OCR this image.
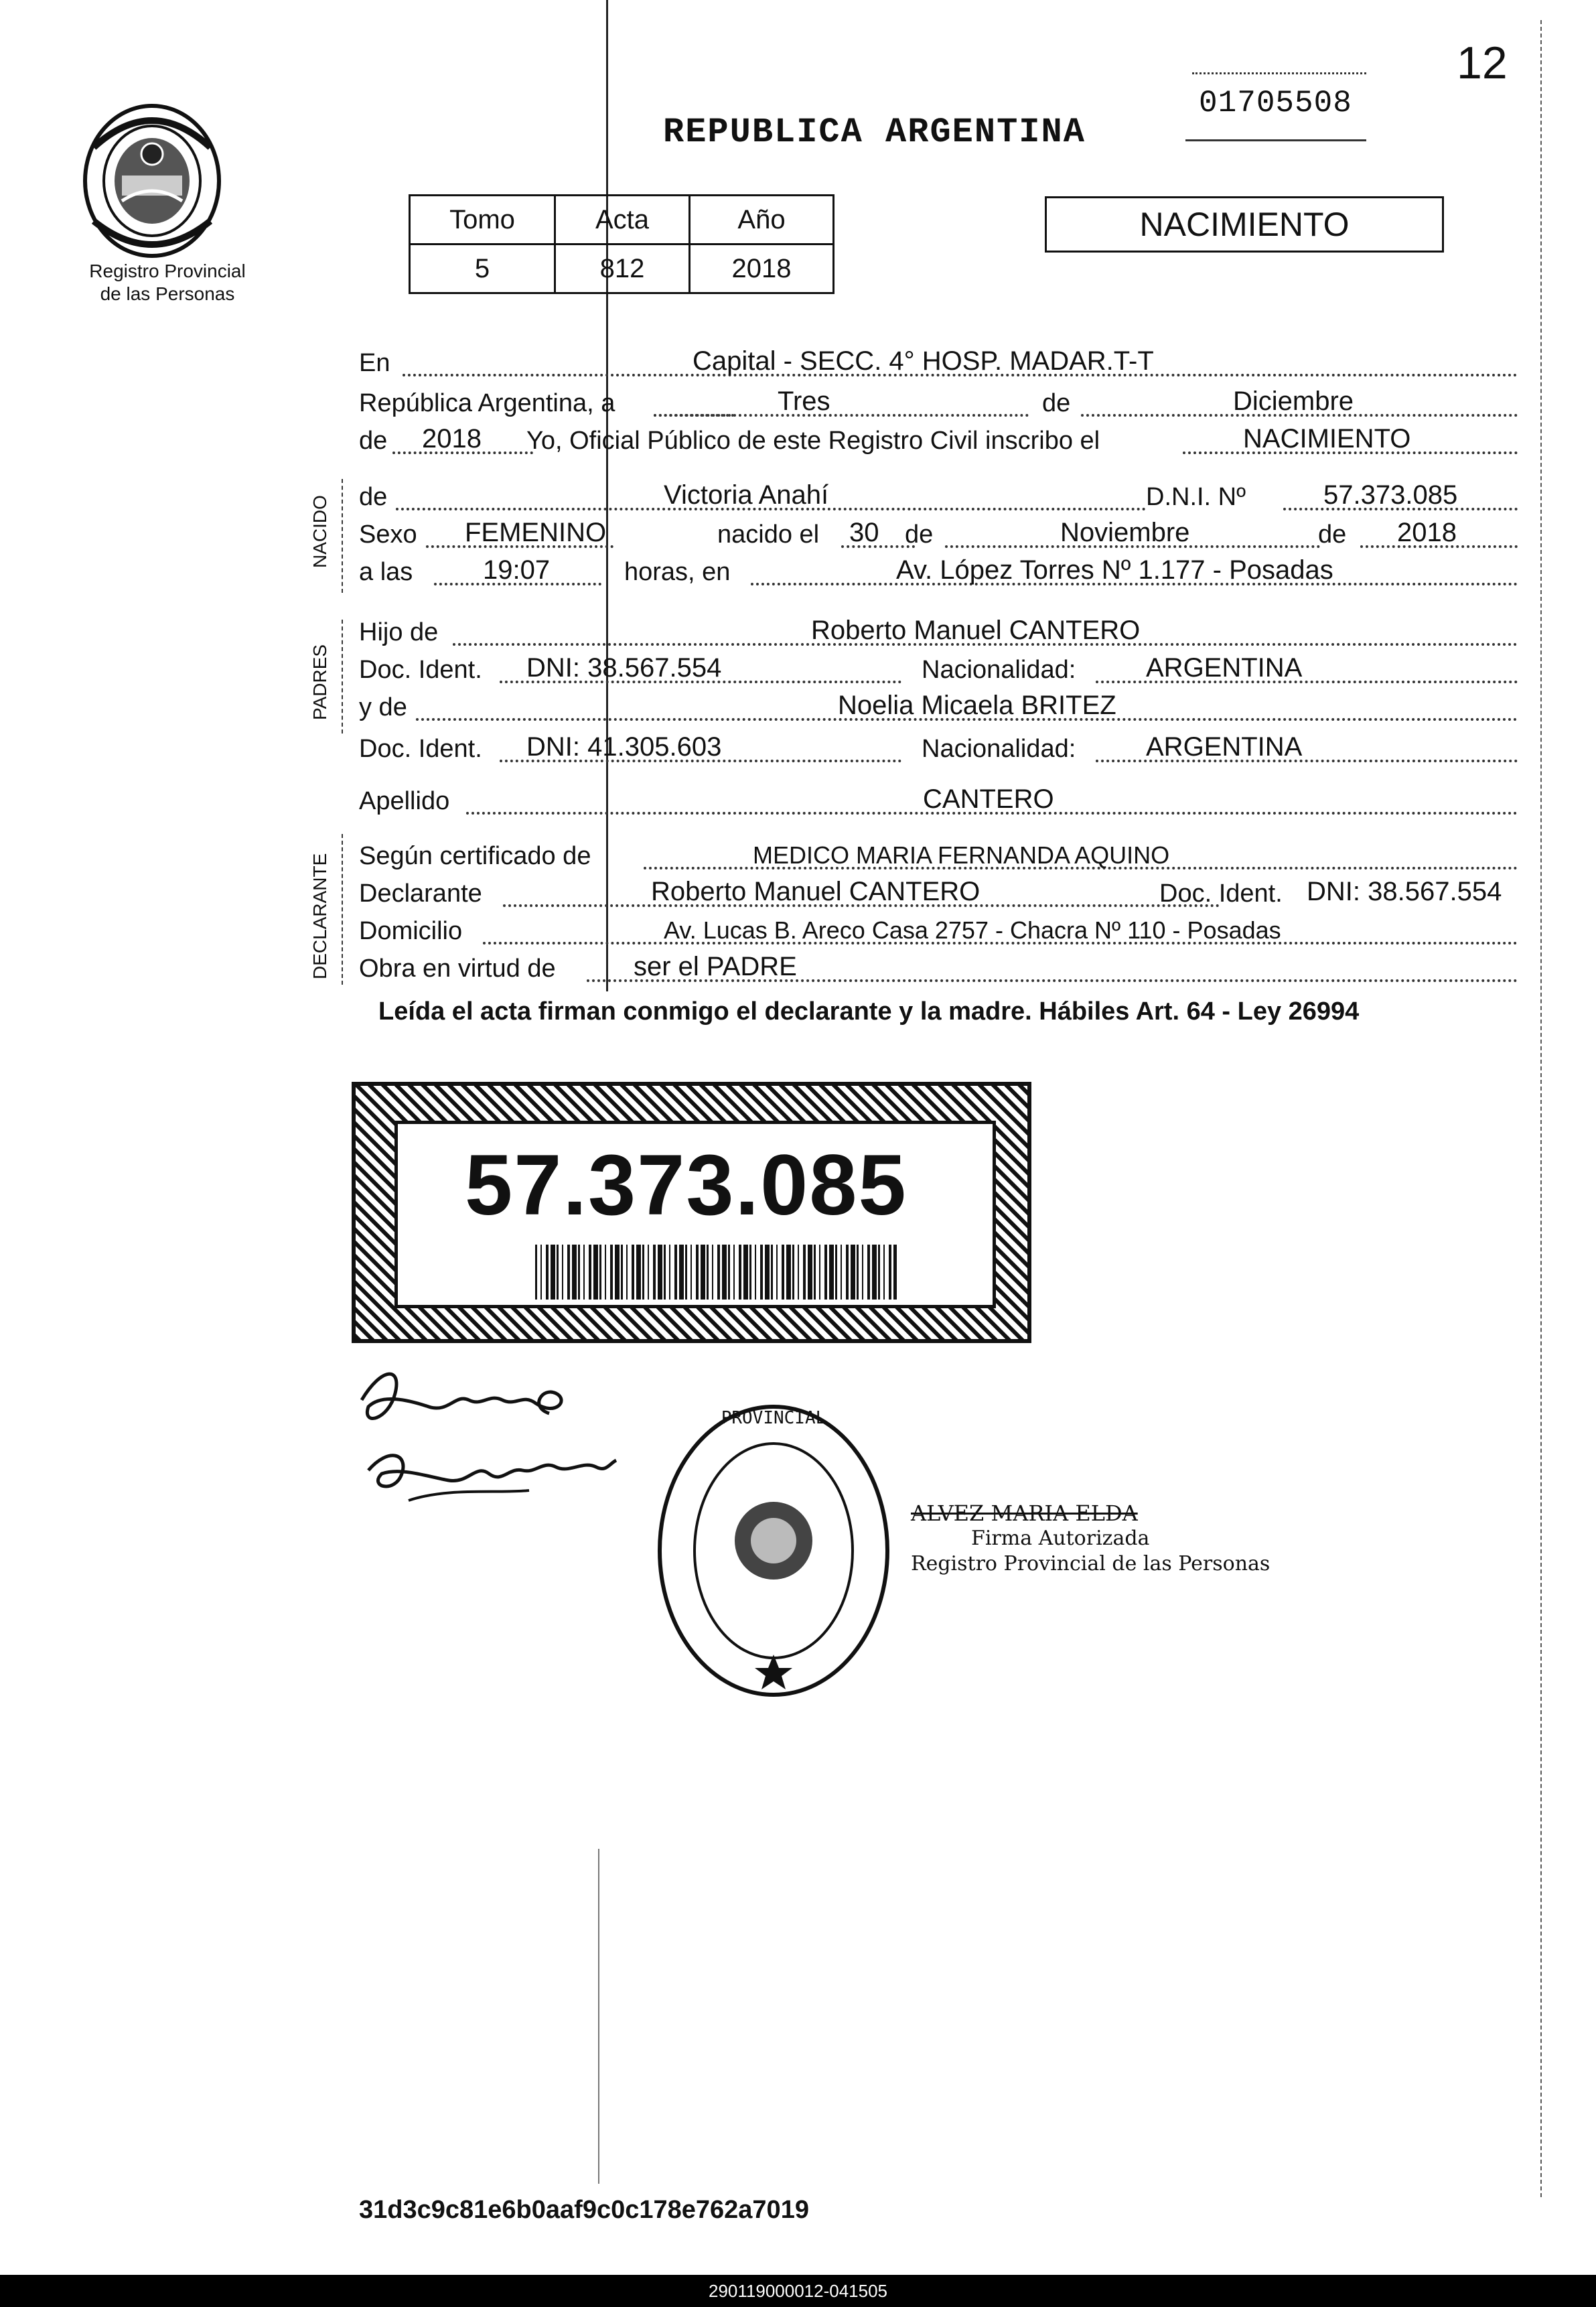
12
01705508
REPUBLICA ARGENTINA
Registro Provincial
de las Personas
Tomo	Acta	Año
5	812	2018
NACIMIENTO
NACIDO
PADRES
DECLARANTE
En	Capital - SECC. 4° HOSP. MADAR.T-T
República Argentina, a	Tres	de	Diciembre
de 2018 Yo, Oficial Público de este Registro Civil inscribo el	NACIMIENTO
de	Victoria Anahí	D.N.I. Nº	57.373.085
Sexo FEMENINO	nacido el 30 de	Noviembre	de 2018
a las	19:07	horas, en	Av. López Torres Nº 1.177 - Posadas
Hijo de	Roberto Manuel CANTERO
Doc. Ident. DNI: 38.567.554	Nacionalidad:	ARGENTINA
y de	Noelia Micaela BRITEZ
Doc. Ident. DNI: 41.305.603	Nacionalidad:	ARGENTINA
Apellido	CANTERO
Según certificado de	MEDICO MARIA FERNANDA AQUINO
Declarante	Roberto Manuel CANTERO	Doc. Ident. DNI: 38.567.554
Domicilio	Av. Lucas B. Areco Casa 2757 - Chacra Nº 110 - Posadas
Obra en virtud de	ser el PADRE
Leída el acta firman conmigo el declarante y la madre. Hábiles Art. 64 - Ley 26994
57.373.085
PROVINCIAL
ALVEZ MARIA ELDA
Firma Autorizada
Registro Provincial de las Personas
31d3c9c81e6b0aaf9c0c178e762a7019
290119000012-041505
